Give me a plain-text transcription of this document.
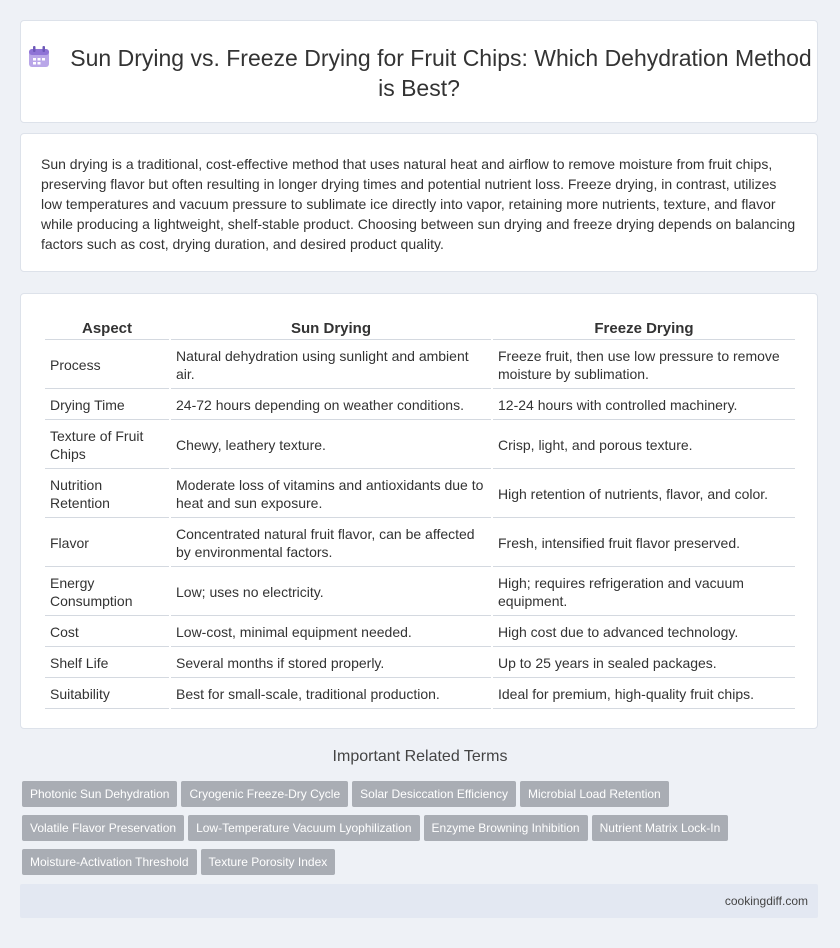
Sun Drying vs. Freeze Drying for Fruit Chips: Which Dehydration Method is Best?

Sun drying is a traditional, cost-effective method that uses natural heat and airflow to remove moisture from fruit chips, preserving flavor but often resulting in longer drying times and potential nutrient loss. Freeze drying, in contrast, utilizes low temperatures and vacuum pressure to sublimate ice directly into vapor, retaining more nutrients, texture, and flavor while producing a lightweight, shelf-stable product. Choosing between sun drying and freeze drying depends on balancing factors such as cost, drying duration, and desired product quality.

Aspect	Sun Drying	Freeze Drying
Process	Natural dehydration using sunlight and ambient air.	Freeze fruit, then use low pressure to remove moisture by sublimation.
Drying Time	24-72 hours depending on weather conditions.	12-24 hours with controlled machinery.
Texture of Fruit Chips	Chewy, leathery texture.	Crisp, light, and porous texture.
Nutrition Retention	Moderate loss of vitamins and antioxidants due to heat and sun exposure.	High retention of nutrients, flavor, and color.
Flavor	Concentrated natural fruit flavor, can be affected by environmental factors.	Fresh, intensified fruit flavor preserved.
Energy Consumption	Low; uses no electricity.	High; requires refrigeration and vacuum equipment.
Cost	Low-cost, minimal equipment needed.	High cost due to advanced technology.
Shelf Life	Several months if stored properly.	Up to 25 years in sealed packages.
Suitability	Best for small-scale, traditional production.	Ideal for premium, high-quality fruit chips.
Important Related Terms
Photonic Sun Dehydration Cryogenic Freeze-Dry Cycle Solar Desiccation Efficiency Microbial Load Retention
Volatile Flavor Preservation Low-Temperature Vacuum Lyophilization Enzyme Browning Inhibition Nutrient Matrix Lock-In
Moisture-Activation Threshold Texture Porosity Index
cookingdiff.com
